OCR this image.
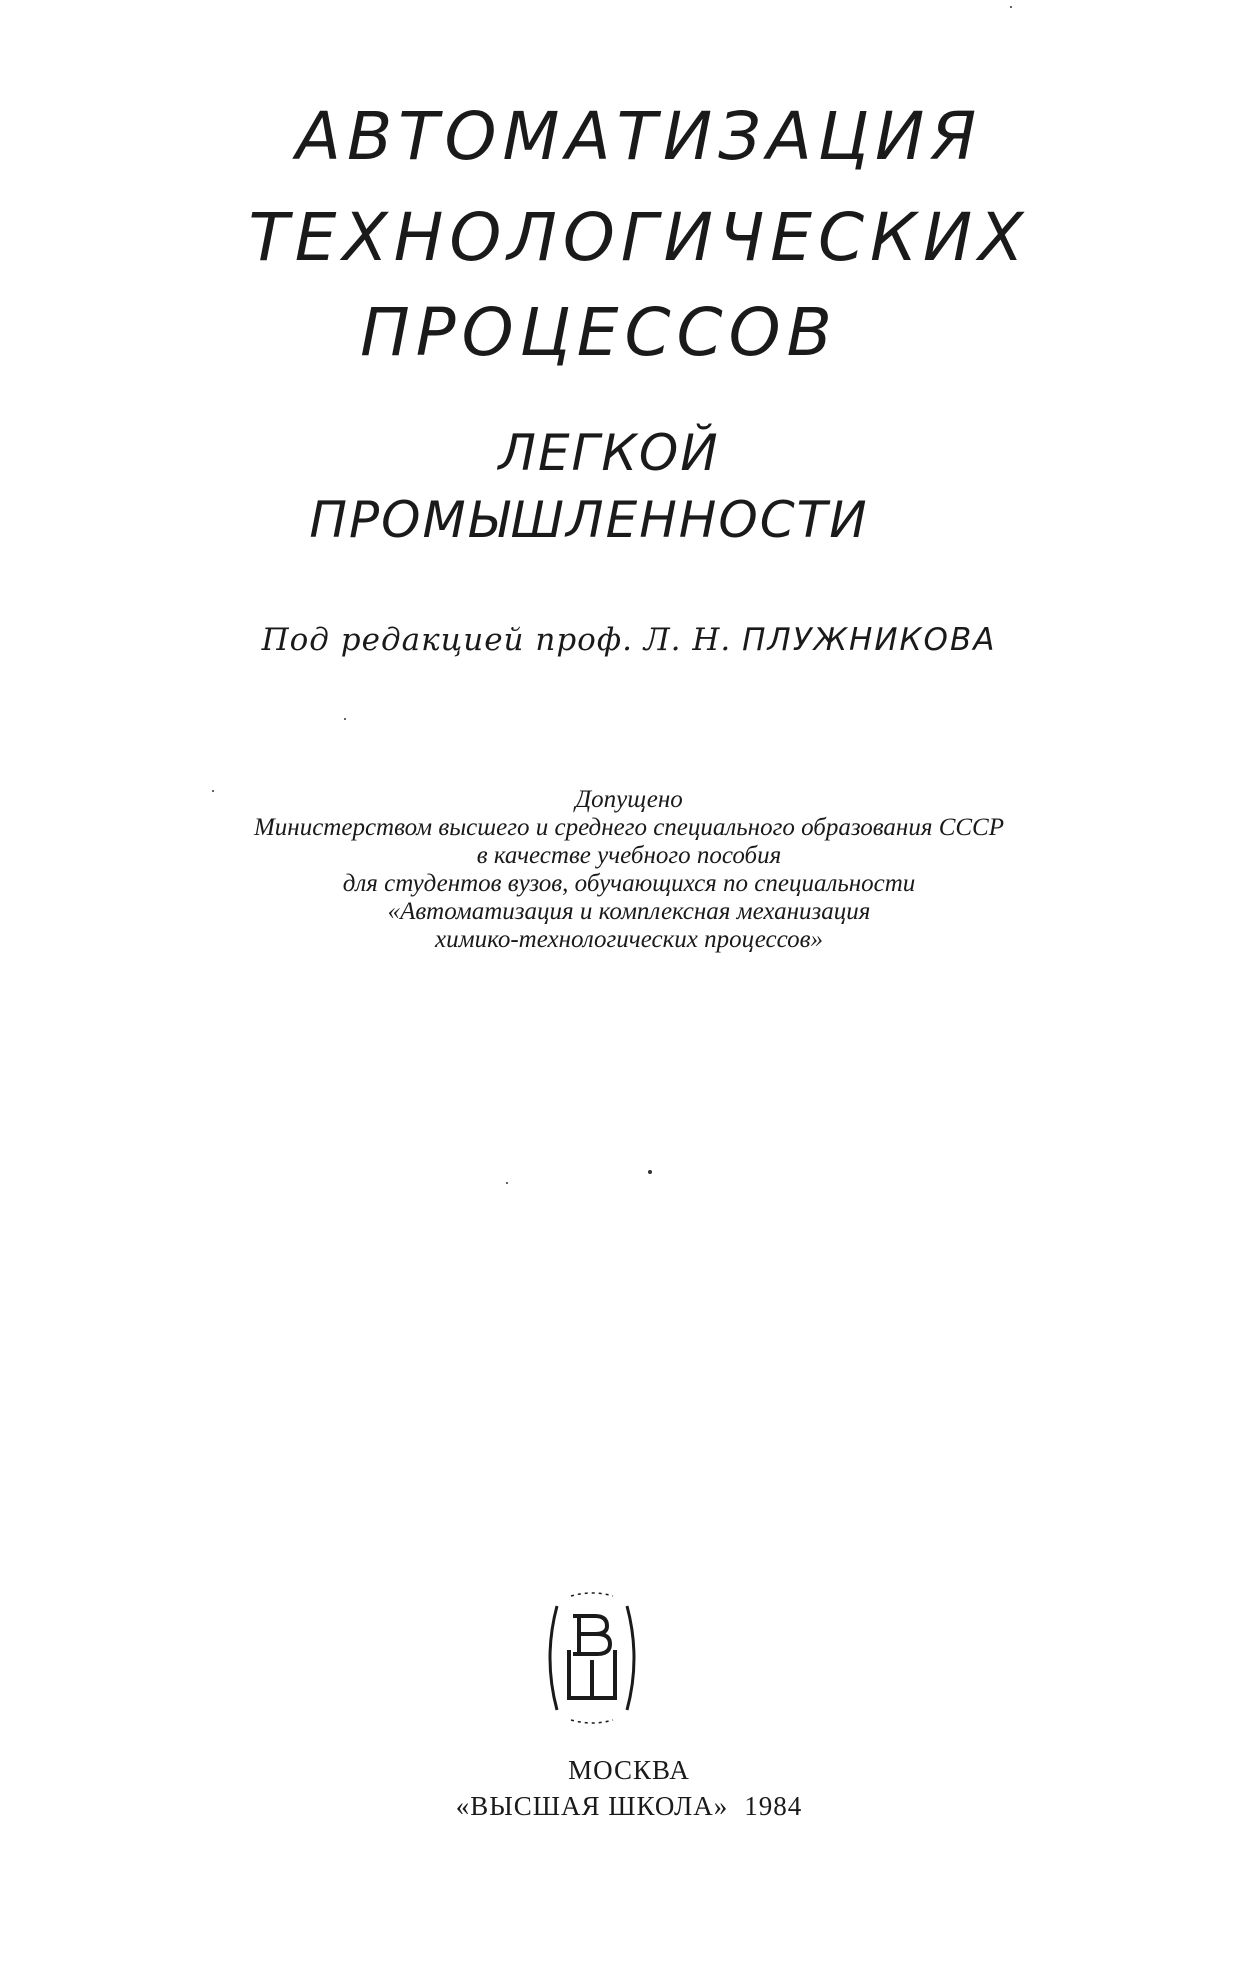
АВТОМАТИЗАЦИЯ
ТЕХНОЛОГИЧЕСКИХ
ПРОЦЕССОВ
ЛЕГКОЙ
ПРОМЫШЛЕННОСТИ
Под редакцией проф. Л. Н. ПЛУЖНИКОВА
Допущено
Министерством высшего и среднего специального образования СССР
в качестве учебного пособия
для студентов вузов, обучающихся по специальности
«Автоматизация и комплексная механизация
химико-технологических процессов»
МОСКВА
«ВЫСШАЯ ШКОЛА» 1984
